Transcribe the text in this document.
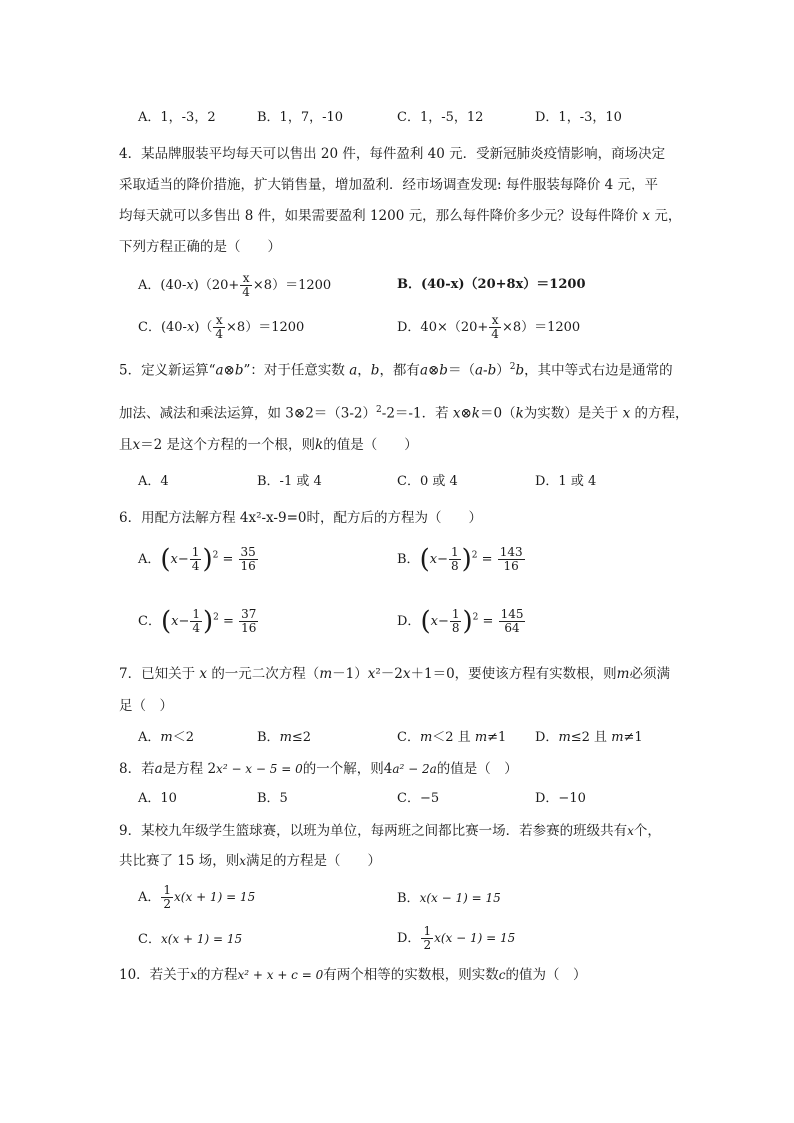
A．1，-3，2	B．1，7，-10	C．1，-5，12	D．1，-3，10
4．某品牌服装平均每天可以售出 20 件，每件盈利 40 元．受新冠肺炎疫情影响，商场决定
采取适当的降价措施，扩大销售量，增加盈利．经市场调查发现: 每件服装每降价 4 元，平
均每天就可以多售出 8 件，如果需要盈利 1200 元，那么每件降价多少元？设每件降价 x 元，
下列方程正确的是（　　）
A．$(40-x)(20+ \frac{x}{4} \times 8)=1200$	B．(40-x)（20+8x）＝1200
C．$(40-x)( \frac{x}{4} \times 8)=1200$	D．$40\times(20+ \frac{x}{4} \times 8)=1200$
5．定义新运算“a⊗b”：对于任意实数 a，b，都有$a\otimes b=(a-b)^2b$，其中等式右边是通常的
加法、减法和乘法运算，如 $3\otimes 2=(3-2)^2-2=-1$．若 x⊗k＝0（k为实数）是关于 x 的方程，
且x＝2 是这个方程的一个根，则k的值是（　　）
A．4	B．-1 或 4	C．0 或 4	D．1 或 4
6．用配方法解方程 4x²-x-9=0时，配方后的方程为（　　）
A．$(x- \frac{1}{4} )^2 = \frac{35}{16}$	B．$(x- \frac{1}{8} )^2 = \frac{143}{16}$
C．$(x- \frac{1}{4} )^2 = \frac{37}{16}$	D．$(x- \frac{1}{8} )^2 = \frac{145}{64}$
7．已知关于 x 的一元二次方程（m－1）x²－2x＋1＝0，要使该方程有实数根，则m必须满
足（　）
A．m＜2	B．m≤2	C．m＜2 且 m≠1 D．m≤2 且 m≠1
8．若a是方程 2x² − x − 5 = 0的一个解，则4a² − 2a的值是（　）
A．10	B．5	C．−5	D．−10
9．某校九年级学生篮球赛，以班为单位，每两班之间都比赛一场．若参赛的班级共有x个，
共比赛了 15 场，则x满足的方程是（　　）
A． $\frac{1}{2} x(x + 1) = 15$	B．x(x − 1) = 15
C．x(x + 1) = 15	D． $\frac{1}{2} x(x - 1) = 15$
10．若关于x的方程x² + x + c = 0有两个相等的实数根，则实数c的值为（　）
